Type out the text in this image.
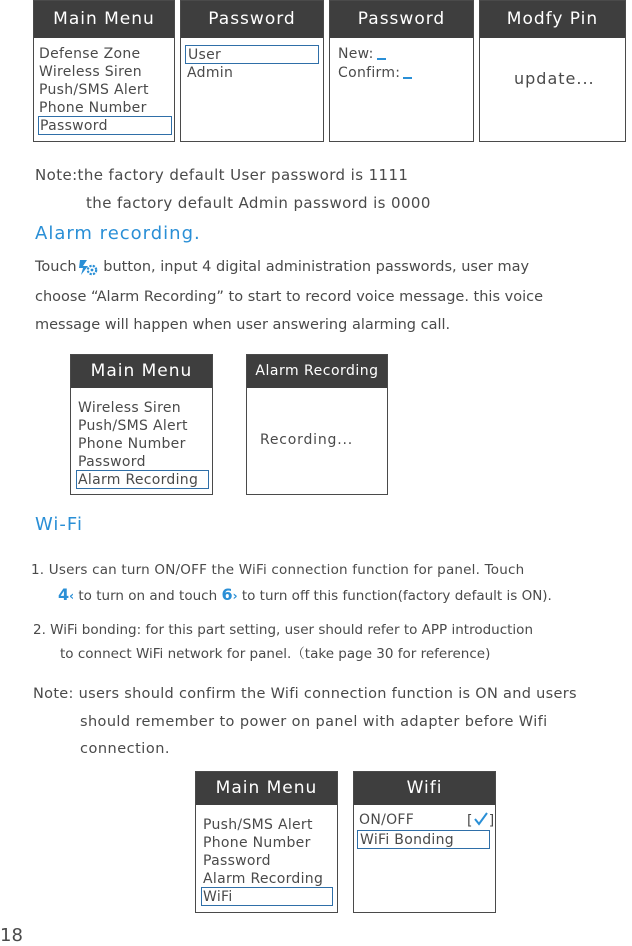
Main Menu
Defense Zone
Wireless Siren
Push/SMS Alert
Phone Number
Password
Password
User
Admin
Password
New:
Confirm:
Modfy Pin
update...
Note:the factory default User password is 1111
the factory default Admin password is 0000
Alarm recording.
Touch button, input 4 digital administration passwords, user may
choose “Alarm Recording” to start to record voice message. this voice
message will happen when user answering alarming call.
Main Menu
Wireless Siren
Push/SMS Alert
Phone Number
Password
Alarm Recording
Alarm Recording
Recording...
Wi-Fi
1. Users can turn ON/OFF the WiFi connection function for panel. Touch
4‹ to turn on and touch 6› to turn off this function(factory default is ON).
2. WiFi bonding: for this part setting, user should refer to APP introduction
to connect WiFi network for panel.（take page 30 for reference)
Note: users should confirm the Wifi connection function is ON and users
should remember to power on panel with adapter before Wifi
connection.
Main Menu
Push/SMS Alert
Phone Number
Password
Alarm Recording
WiFi
Wifi
ON/OFF	[ ]
WiFi Bonding
18
